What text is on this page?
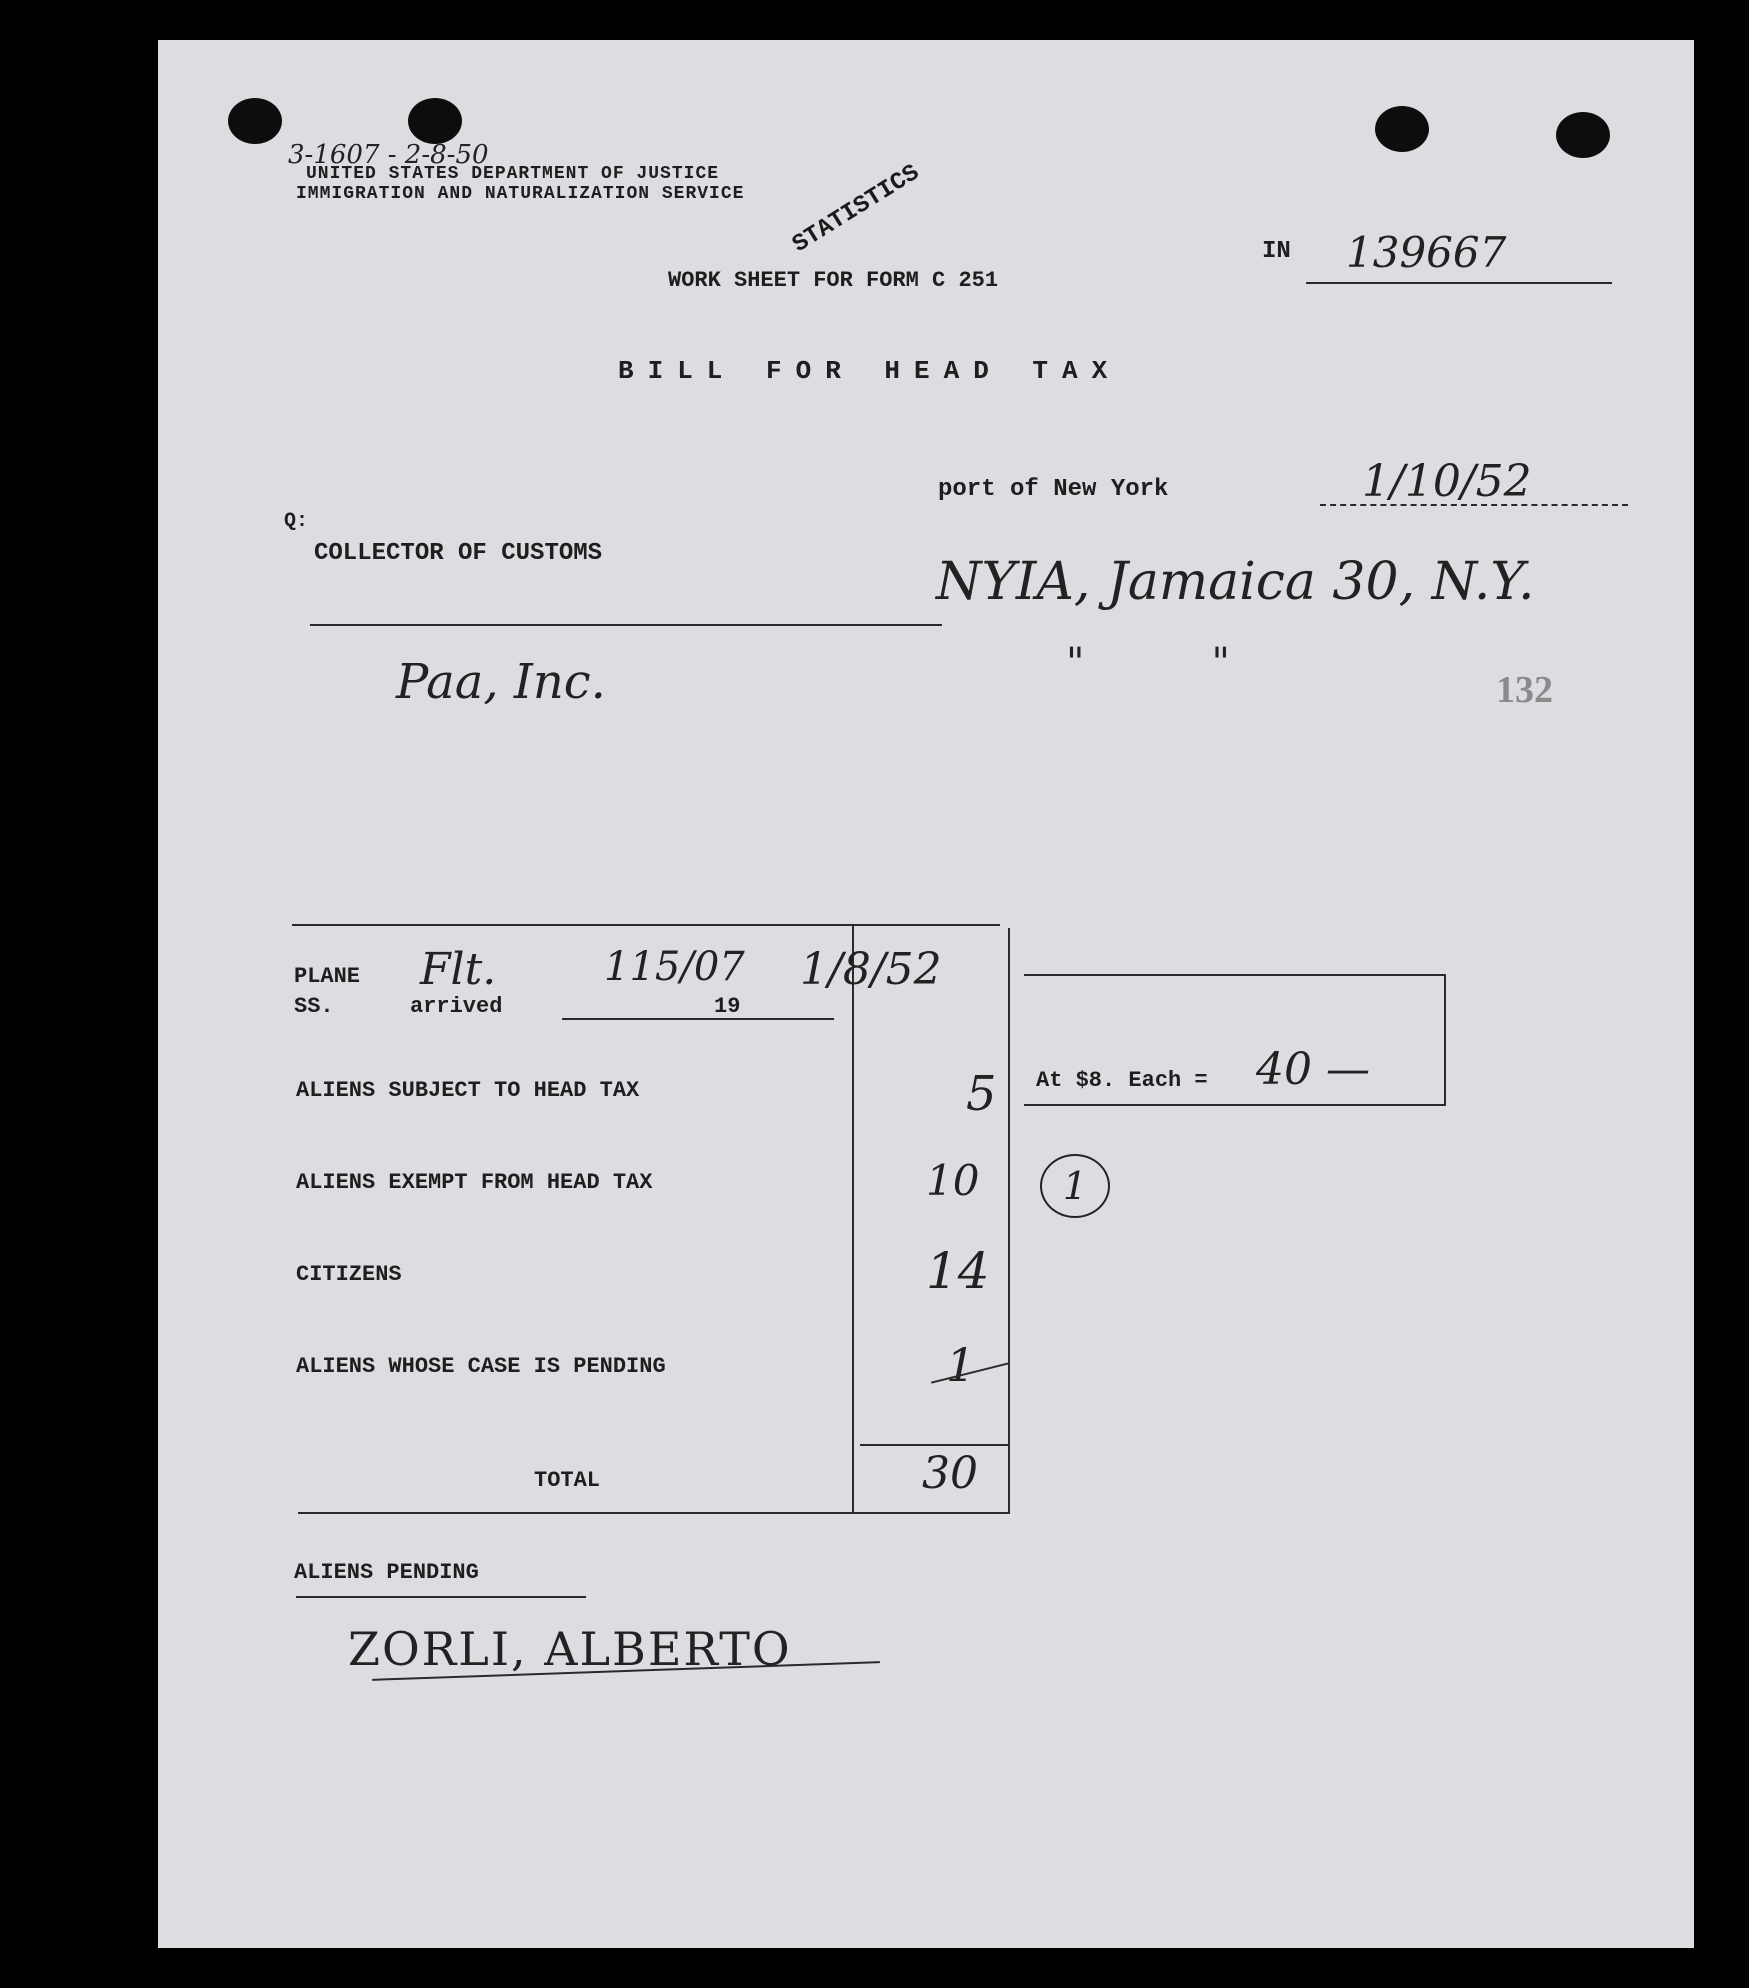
3-1607 - 2-8-50
UNITED STATES DEPARTMENT OF JUSTICE
IMMIGRATION AND NATURALIZATION SERVICE
WORK SHEET FOR FORM C 251
STATISTICS	IN 139667
BILL FOR HEAD TAX
port of New York	1/10/52
Q:
COLLECTOR OF CUSTOMS	NYIA, Jamaica 30, N.Y.
"          "
Paa, Inc.	132
PLANE
SS.	arrived	19
Flt.	115/07 1/8/52
ALIENS SUBJECT TO HEAD TAX	5
ALIENS EXEMPT FROM HEAD TAX	10
CITIZENS	14
ALIENS WHOSE CASE IS PENDING	1
TOTAL	30
At $8. Each = 40 —
1
ALIENS PENDING
ZORLI, ALBERTO
